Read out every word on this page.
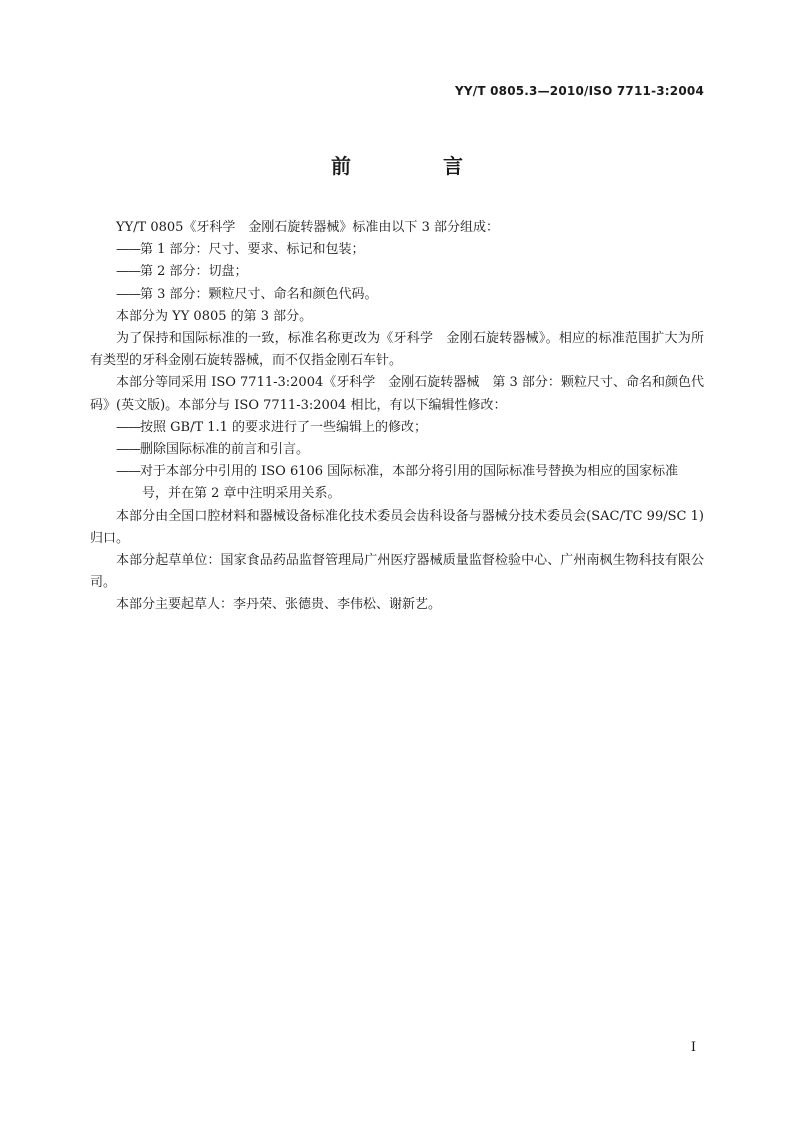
YY/T 0805.3—2010/ISO 7711-3:2004
前　言

YY/T 0805《牙科学　金刚石旋转器械》标准由以下 3 部分组成：

——第 1 部分：尺寸、要求、标记和包装；

——第 2 部分：切盘；

——第 3 部分：颗粒尺寸、命名和颜色代码。

本部分为 YY 0805 的第 3 部分。

为了保持和国际标准的一致，标准名称更改为《牙科学　金刚石旋转器械》。相应的标准范围扩大为所有类型的牙科金刚石旋转器械，而不仅指金刚石车针。

本部分等同采用 ISO 7711-3:2004《牙科学　金刚石旋转器械　第 3 部分：颗粒尺寸、命名和颜色代码》(英文版)。本部分与 ISO 7711-3:2004 相比，有以下编辑性修改：

——按照 GB/T 1.1 的要求进行了一些编辑上的修改；

——删除国际标准的前言和引言。

——对于本部分中引用的 ISO 6106 国际标准，本部分将引用的国际标准号替换为相应的国家标准号，并在第 2 章中注明采用关系。

本部分由全国口腔材料和器械设备标准化技术委员会齿科设备与器械分技术委员会(SAC/TC 99/SC 1)归口。

本部分起草单位：国家食品药品监督管理局广州医疗器械质量监督检验中心、广州南枫生物科技有限公司。

本部分主要起草人：李丹荣、张德贵、李伟松、谢新艺。

I
